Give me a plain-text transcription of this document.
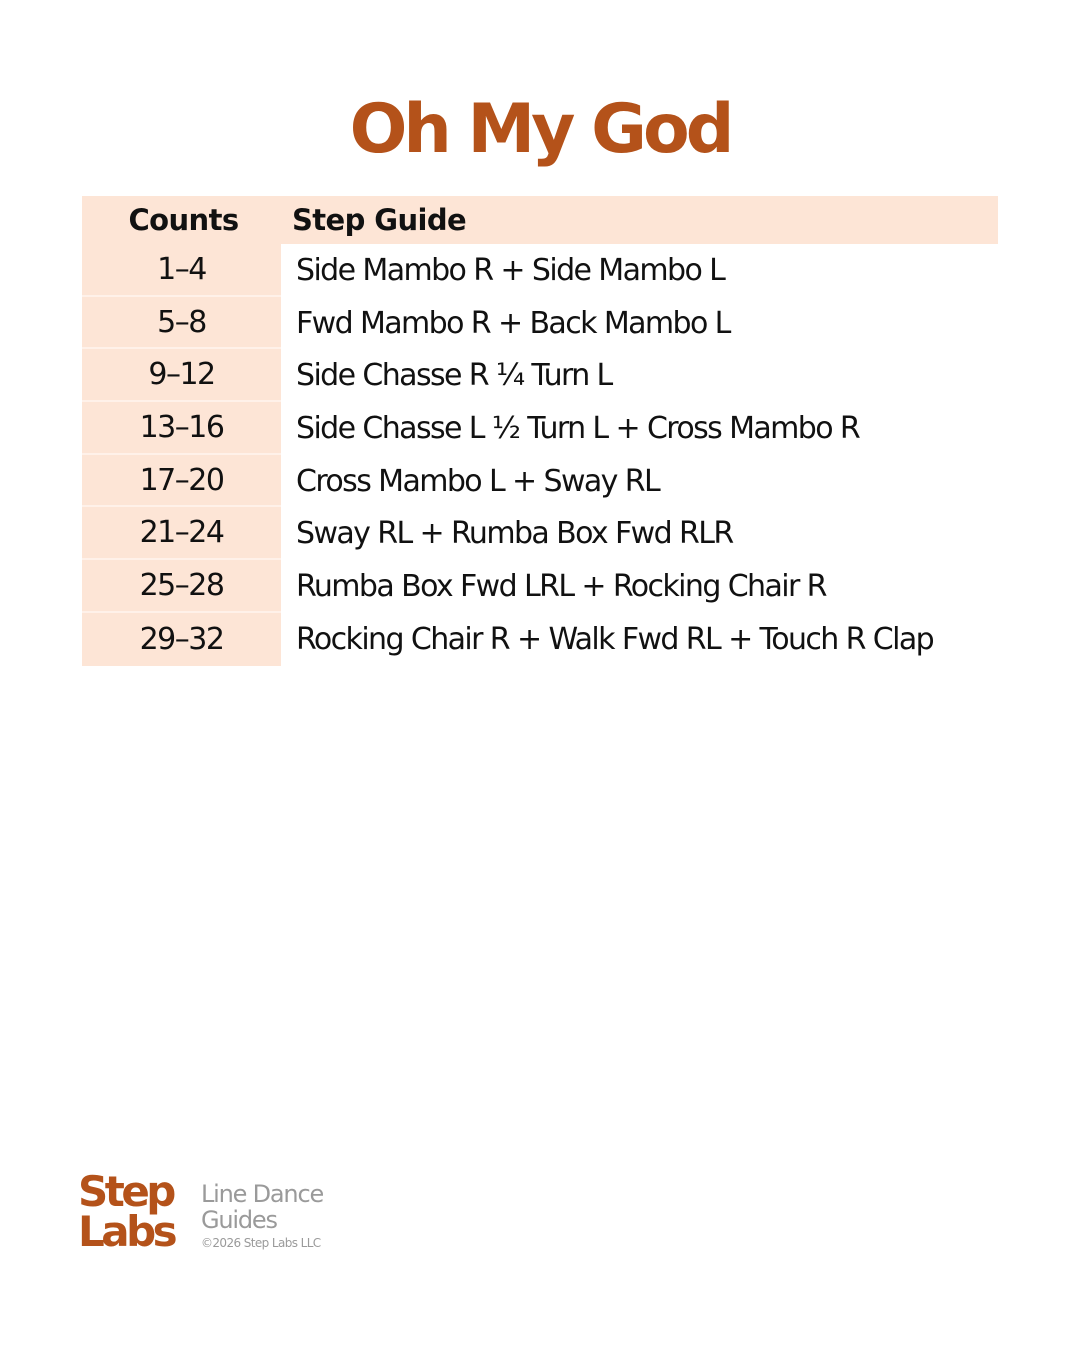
Oh My God
Counts	Step Guide
1–4	Side Mambo R + Side Mambo L
5–8	Fwd Mambo R + Back Mambo L
9–12	Side Chasse R ¼ Turn L
13–16	Side Chasse L ½ Turn L + Cross Mambo R
17–20	Cross Mambo L + Sway RL
21–24	Sway RL + Rumba Box Fwd RLR
25–28	Rumba Box Fwd LRL + Rocking Chair R
29–32	Rocking Chair R + Walk Fwd RL + Touch R Clap
Step
Labs
Line Dance
Guides
©2026 Step Labs LLC
